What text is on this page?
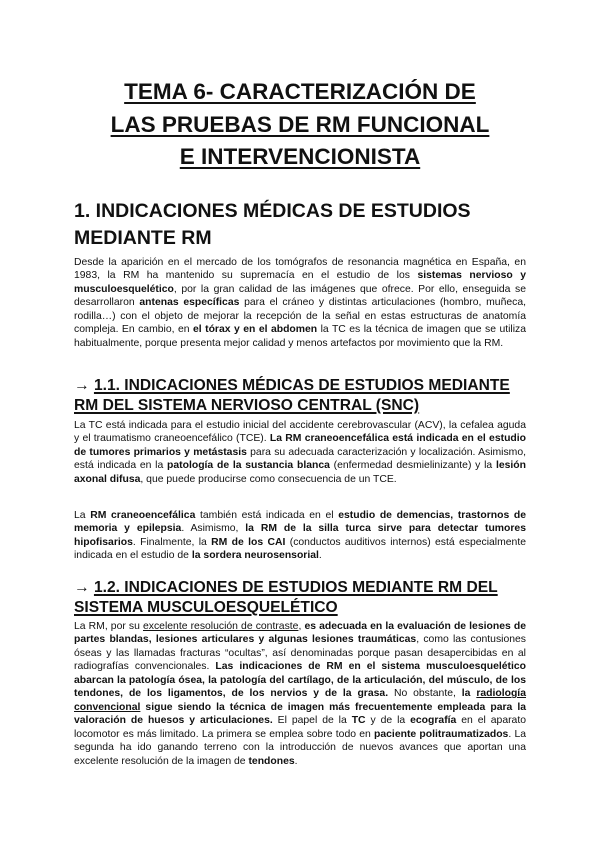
TEMA 6- CARACTERIZACIÓN DE
LAS PRUEBAS DE RM FUNCIONAL
E INTERVENCIONISTA
1. INDICACIONES MÉDICAS DE ESTUDIOS
MEDIANTE RM
Desde la aparición en el mercado de los tomógrafos de resonancia magnética en España, en 1983, la RM ha mantenido su supremacía en el estudio de los sistemas nervioso y musculoesquelético, por la gran calidad de las imágenes que ofrece. Por ello, enseguida se desarrollaron antenas específicas para el cráneo y distintas articulaciones (hombro, muñeca, rodilla…) con el objeto de mejorar la recepción de la señal en estas estructuras de anatomía compleja. En cambio, en el tórax y en el abdomen la TC es la técnica de imagen que se utiliza habitualmente, porque presenta mejor calidad y menos artefactos por movimiento que la RM.
→ 1.1. INDICACIONES MÉDICAS DE ESTUDIOS MEDIANTE RM DEL SISTEMA NERVIOSO CENTRAL (SNC)
La TC está indicada para el estudio inicial del accidente cerebrovascular (ACV), la cefalea aguda y el traumatismo craneoencefálico (TCE). La RM craneoencefálica está indicada en el estudio de tumores primarios y metástasis para su adecuada caracterización y localización. Asimismo, está indicada en la patología de la sustancia blanca (enfermedad desmielinizante) y la lesión axonal difusa, que puede producirse como consecuencia de un TCE.
La RM craneoencefálica también está indicada en el estudio de demencias, trastornos de memoria y epilepsia. Asimismo, la RM de la silla turca sirve para detectar tumores hipofisarios. Finalmente, la RM de los CAI (conductos auditivos internos) está especialmente indicada en el estudio de la sordera neurosensorial.
→ 1.2. INDICACIONES DE ESTUDIOS MEDIANTE RM DEL SISTEMA MUSCULOESQUELÉTICO
La RM, por su excelente resolución de contraste, es adecuada en la evaluación de lesiones de partes blandas, lesiones articulares y algunas lesiones traumáticas, como las contusiones óseas y las llamadas fracturas “ocultas”, así denominadas porque pasan desapercibidas en al radiografías convencionales. Las indicaciones de RM en el sistema musculoesquelético abarcan la patología ósea, la patología del cartílago, de la articulación, del músculo, de los tendones, de los ligamentos, de los nervios y de la grasa. No obstante, la radiología convencional sigue siendo la técnica de imagen más frecuentemente empleada para la valoración de huesos y articulaciones. El papel de la TC y de la ecografía en el aparato locomotor es más limitado. La primera se emplea sobre todo en paciente politraumatizados. La segunda ha ido ganando terreno con la introducción de nuevos avances que aportan una excelente resolución de la imagen de tendones.
